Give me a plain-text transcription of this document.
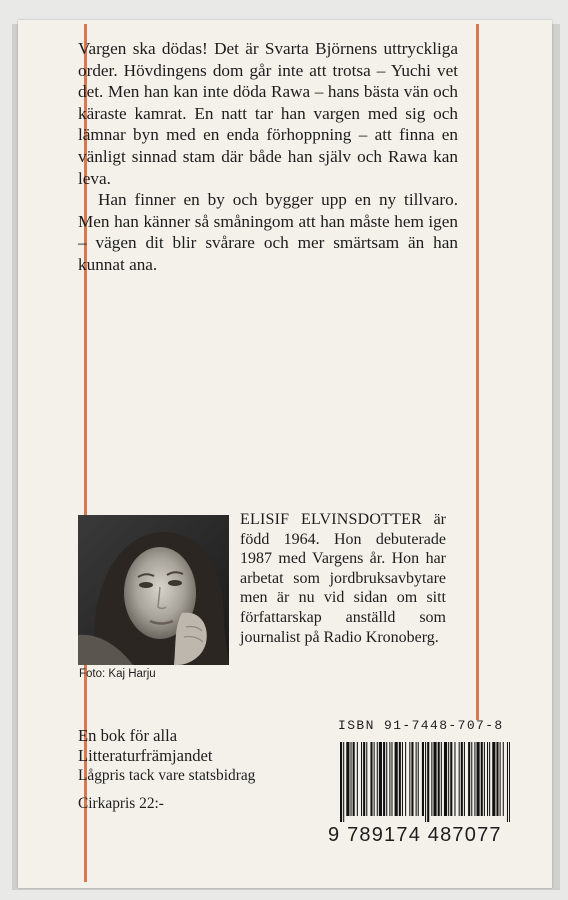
Vargen ska dödas! Det är Svarta Björnens uttryckliga order. Hövdingens dom går inte att trotsa – Yuchi vet det. Men han kan inte döda Rawa – hans bästa vän och käraste kamrat. En natt tar han vargen med sig och lämnar byn med en enda förhoppning – att finna en vänligt sinnad stam där både han själv och Rawa kan leva.

Han finner en by och bygger upp en ny tillvaro. Men han känner så småningom att han måste hem igen – vägen dit blir svårare och mer smärtsam än han kunnat ana.

Foto: Kaj Harju
ELISIF ELVINSDOTTER är född 1964. Hon debuterade 1987 med Vargens år. Hon har arbetat som jordbruksavbytare men är nu vid sidan om sitt författarskap anställd som journalist på Radio Kronoberg.
En bok för alla
Litteraturfrämjandet
Lågpris tack vare statsbidrag
Cirkapris 22:-
ISBN 91-7448-707-8
9 789174 487077
